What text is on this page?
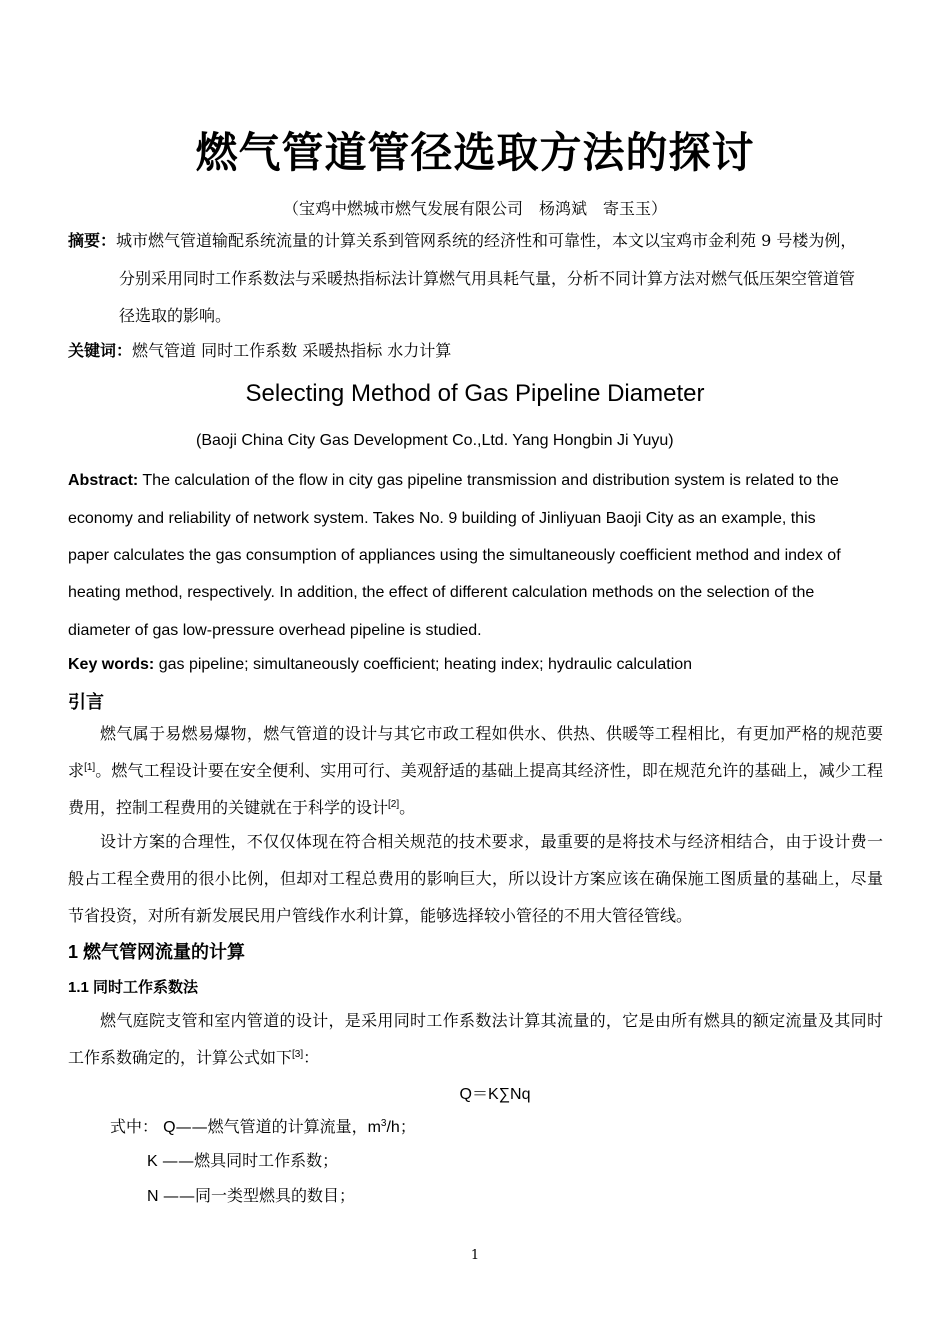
燃气管道管径选取方法的探讨
（宝鸡中燃城市燃气发展有限公司　杨鸿斌　寄玉玉）
摘要：城市燃气管道输配系统流量的计算关系到管网系统的经济性和可靠性，本文以宝鸡市金利苑 9 号楼为例，
分别采用同时工作系数法与采暖热指标法计算燃气用具耗气量，分析不同计算方法对燃气低压架空管道管
径选取的影响。
关键词：燃气管道 同时工作系数 采暖热指标 水力计算
Selecting Method of Gas Pipeline Diameter
(Baoji China City Gas Development Co.,Ltd. Yang Hongbin Ji Yuyu)
Abstract: The calculation of the flow in city gas pipeline transmission and distribution system is related to the
economy and reliability of network system. Takes No. 9 building of Jinliyuan Baoji City as an example, this
paper calculates the gas consumption of appliances using the simultaneously coefficient method and index of
heating method, respectively. In addition, the effect of different calculation methods on the selection of the
diameter of gas low-pressure overhead pipeline is studied.
Key words: gas pipeline; simultaneously coefficient; heating index; hydraulic calculation
引言
燃气属于易燃易爆物，燃气管道的设计与其它市政工程如供水、供热、供暖等工程相比，有更加严格的规范要求[1]。燃气工程设计要在安全便利、实用可行、美观舒适的基础上提高其经济性，即在规范允许的基础上，减少工程费用，控制工程费用的关键就在于科学的设计[2]。
设计方案的合理性，不仅仅体现在符合相关规范的技术要求，最重要的是将技术与经济相结合，由于设计费一般占工程全费用的很小比例，但却对工程总费用的影响巨大，所以设计方案应该在确保施工图质量的基础上，尽量节省投资，对所有新发展民用户管线作水利计算，能够选择较小管径的不用大管径管线。
1 燃气管网流量的计算
1.1 同时工作系数法
燃气庭院支管和室内管道的设计，是采用同时工作系数法计算其流量的，它是由所有燃具的额定流量及其同时工作系数确定的，计算公式如下[3]：
Q＝K∑Nq
式中： Q——燃气管道的计算流量，$m^3/h$；
K ——燃具同时工作系数；
N ——同一类型燃具的数目；
1
